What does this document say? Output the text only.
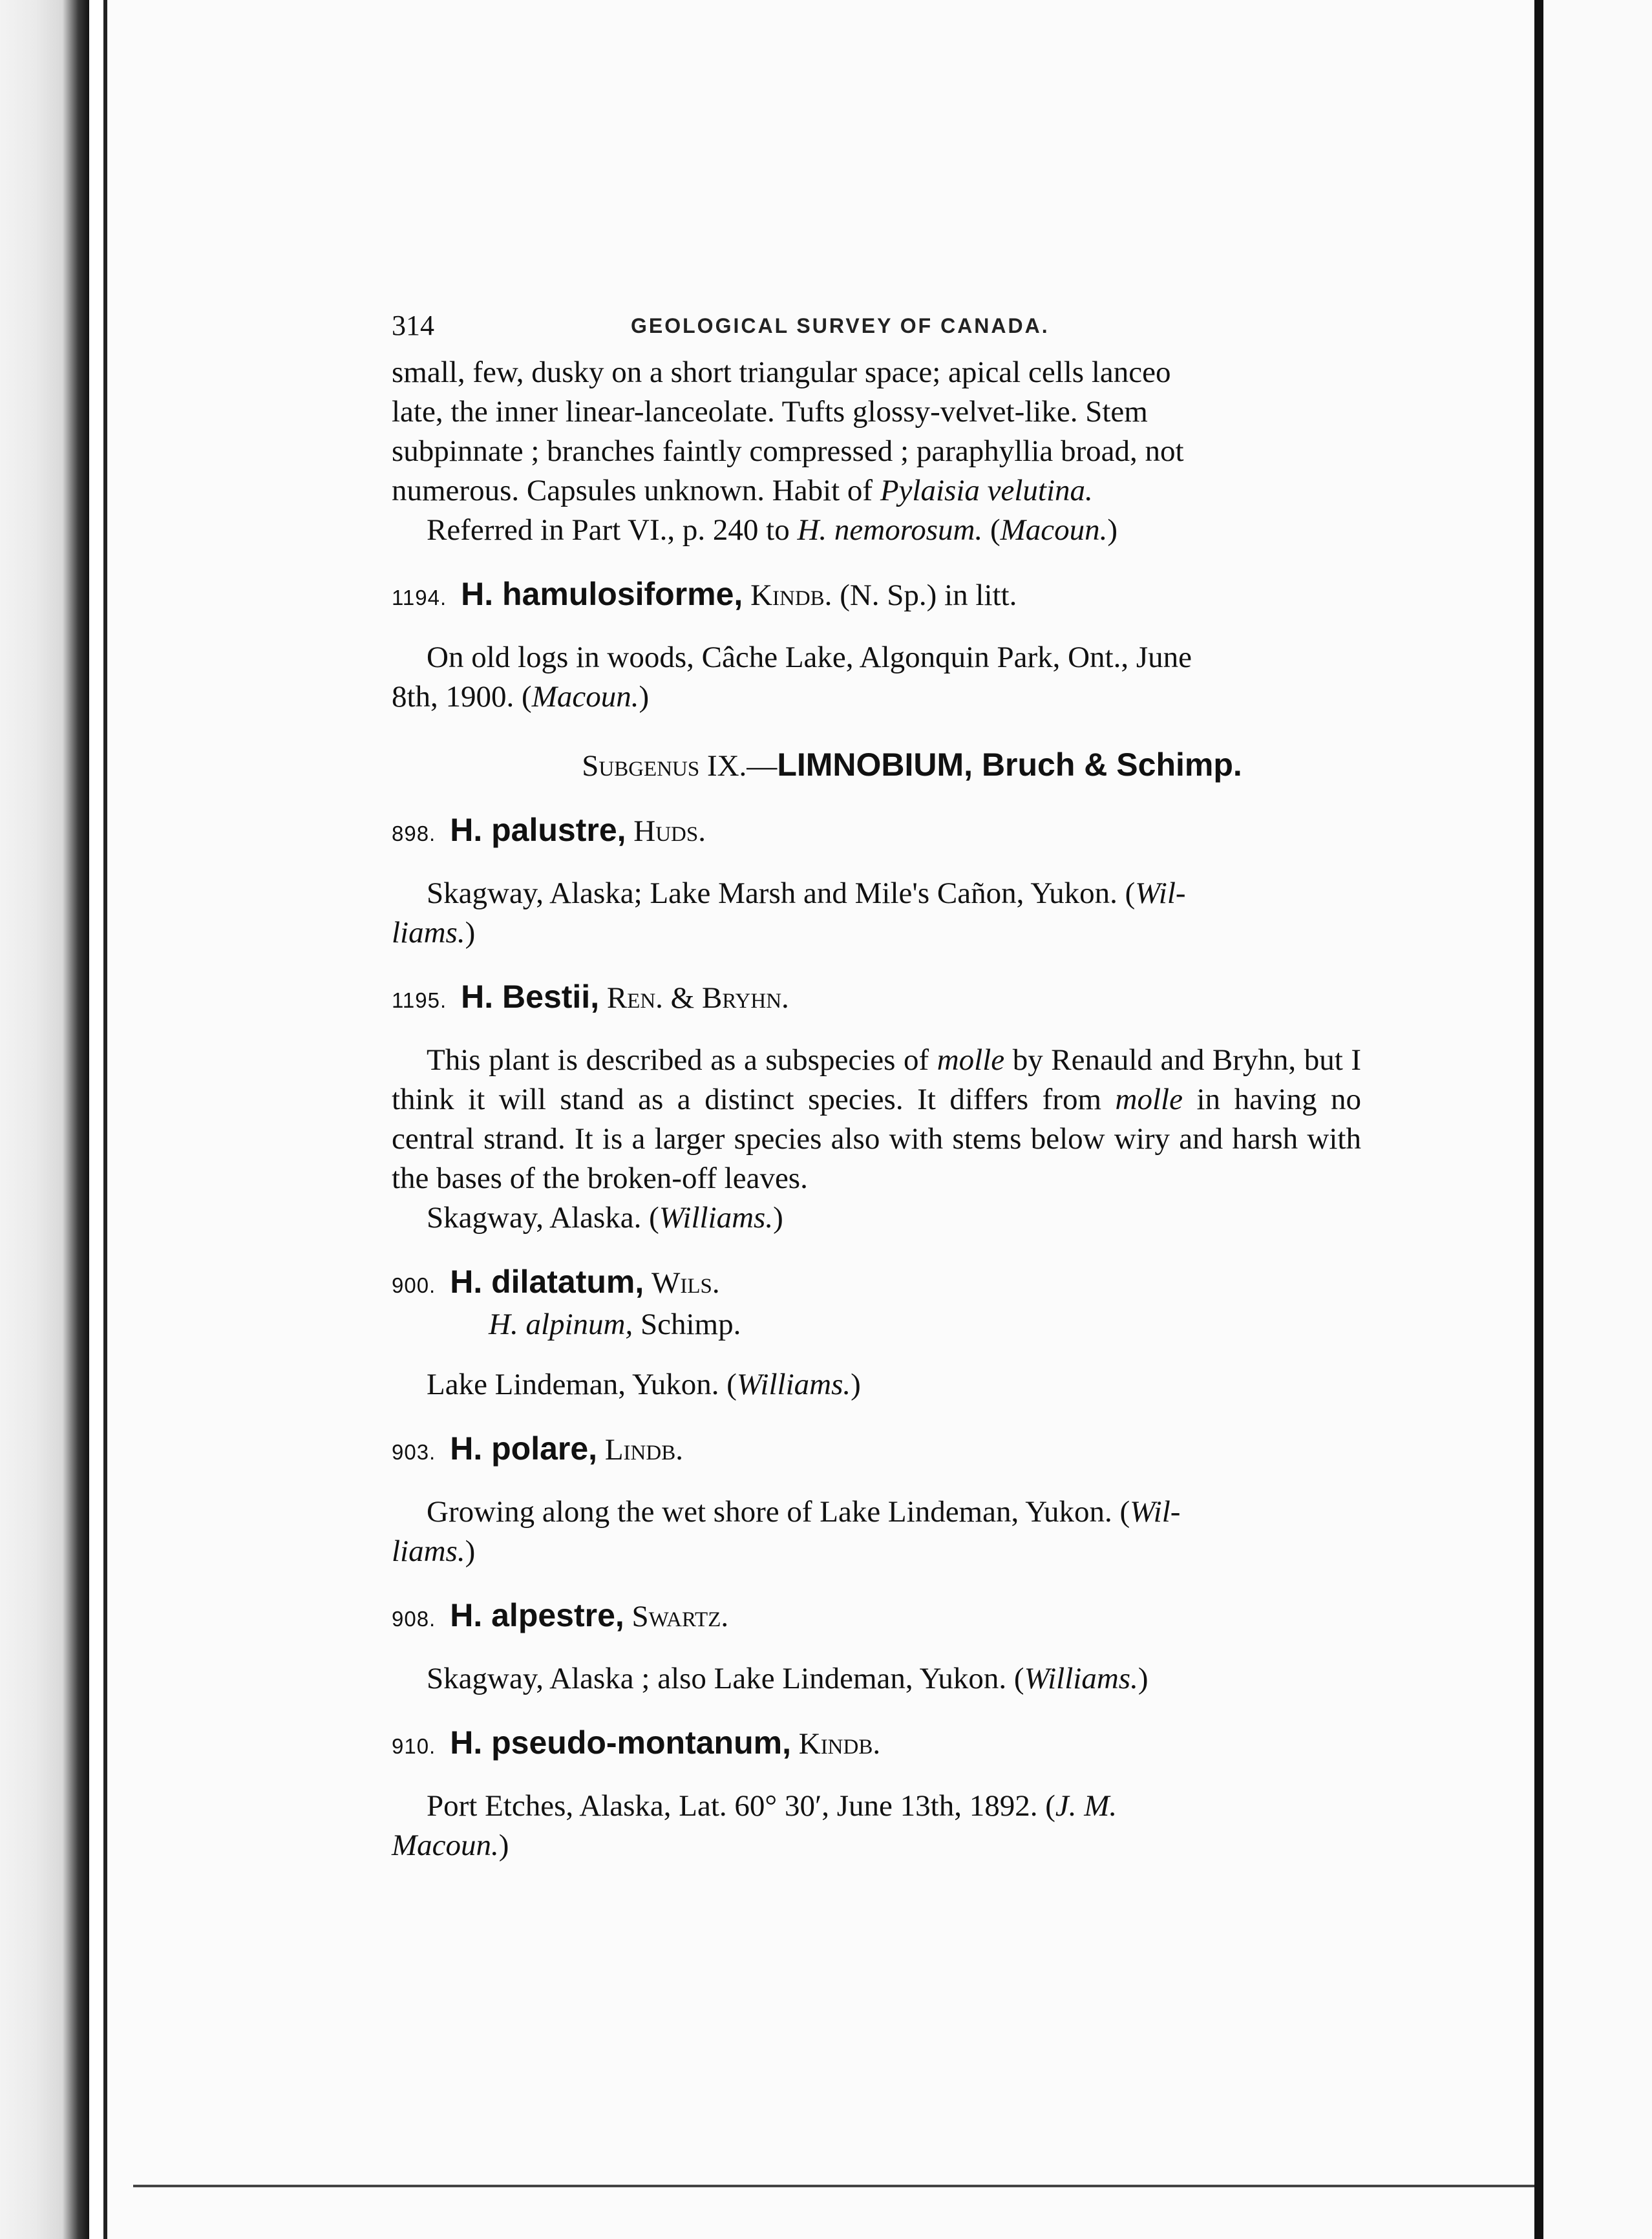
314	GEOLOGICAL SURVEY OF CANADA.

small, few, dusky on a short triangular space; apical cells lanceo

late, the inner linear-lanceolate. Tufts glossy-velvet-like. Stem

subpinnate ; branches faintly compressed ; paraphyllia broad, not

numerous. Capsules unknown. Habit of Pylaisia velutina.

Referred in Part VI., p. 240 to H. nemorosum. (Macoun.)

1194. H. hamulosiforme, Kindb. (N. Sp.) in litt.

On old logs in woods, Câche Lake, Algonquin Park, Ont., June

8th, 1900. (Macoun.)

Subgenus IX.—LIMNOBIUM, Bruch & Schimp.
898. H. palustre, Huds.

Skagway, Alaska; Lake Marsh and Mile's Cañon, Yukon. (Wil-

liams.)

1195. H. Bestii, Ren. & Bryhn.

This plant is described as a subspecies of molle by Renauld and Bryhn, but I think it will stand as a distinct species. It differs from molle in having no central strand. It is a larger species also with stems below wiry and harsh with the bases of the broken-off leaves.

Skagway, Alaska. (Williams.)

900. H. dilatatum, Wils.
H. alpinum, Schimp.

Lake Lindeman, Yukon. (Williams.)

903. H. polare, Lindb.

Growing along the wet shore of Lake Lindeman, Yukon. (Wil-

liams.)

908. H. alpestre, Swartz.

Skagway, Alaska ; also Lake Lindeman, Yukon. (Williams.)

910. H. pseudo-montanum, Kindb.

Port Etches, Alaska, Lat. 60° 30′, June 13th, 1892. (J. M.

Macoun.)
